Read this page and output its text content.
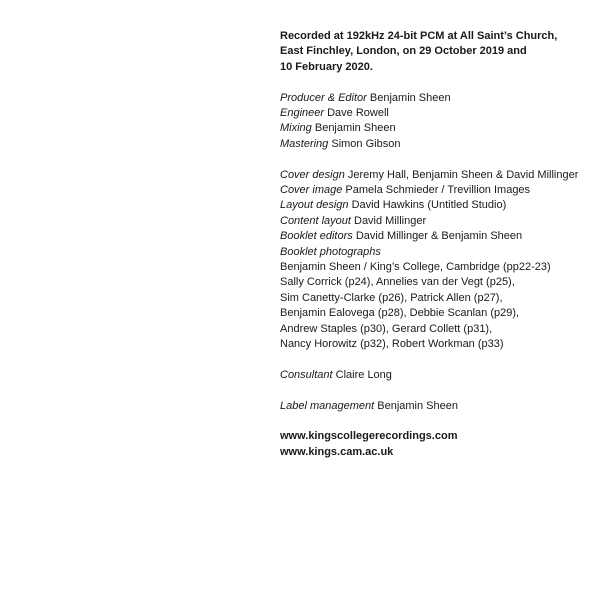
Recorded at 192kHz 24-bit PCM at All Saint’s Church,
East Finchley, London, on 29 October 2019 and
10 February 2020.

Producer & Editor Benjamin Sheen
Engineer Dave Rowell
Mixing Benjamin Sheen
Mastering Simon Gibson
Cover design Jeremy Hall, Benjamin Sheen & David Millinger
Cover image Pamela Schmieder / Trevillion Images
Layout design David Hawkins (Untitled Studio)
Content layout David Millinger
Booklet editors David Millinger & Benjamin Sheen
Booklet photographs
Benjamin Sheen / King’s College, Cambridge (pp22-23)
Sally Corrick (p24), Annelies van der Vegt (p25),
Sim Canetty-Clarke (p26), Patrick Allen (p27),
Benjamin Ealovega (p28), Debbie Scanlan (p29),
Andrew Staples (p30), Gerard Collett (p31),
Nancy Horowitz (p32), Robert Workman (p33)
Consultant Claire Long
Label management Benjamin Sheen
www.kingscollegerecordings.com
www.kings.cam.ac.uk
